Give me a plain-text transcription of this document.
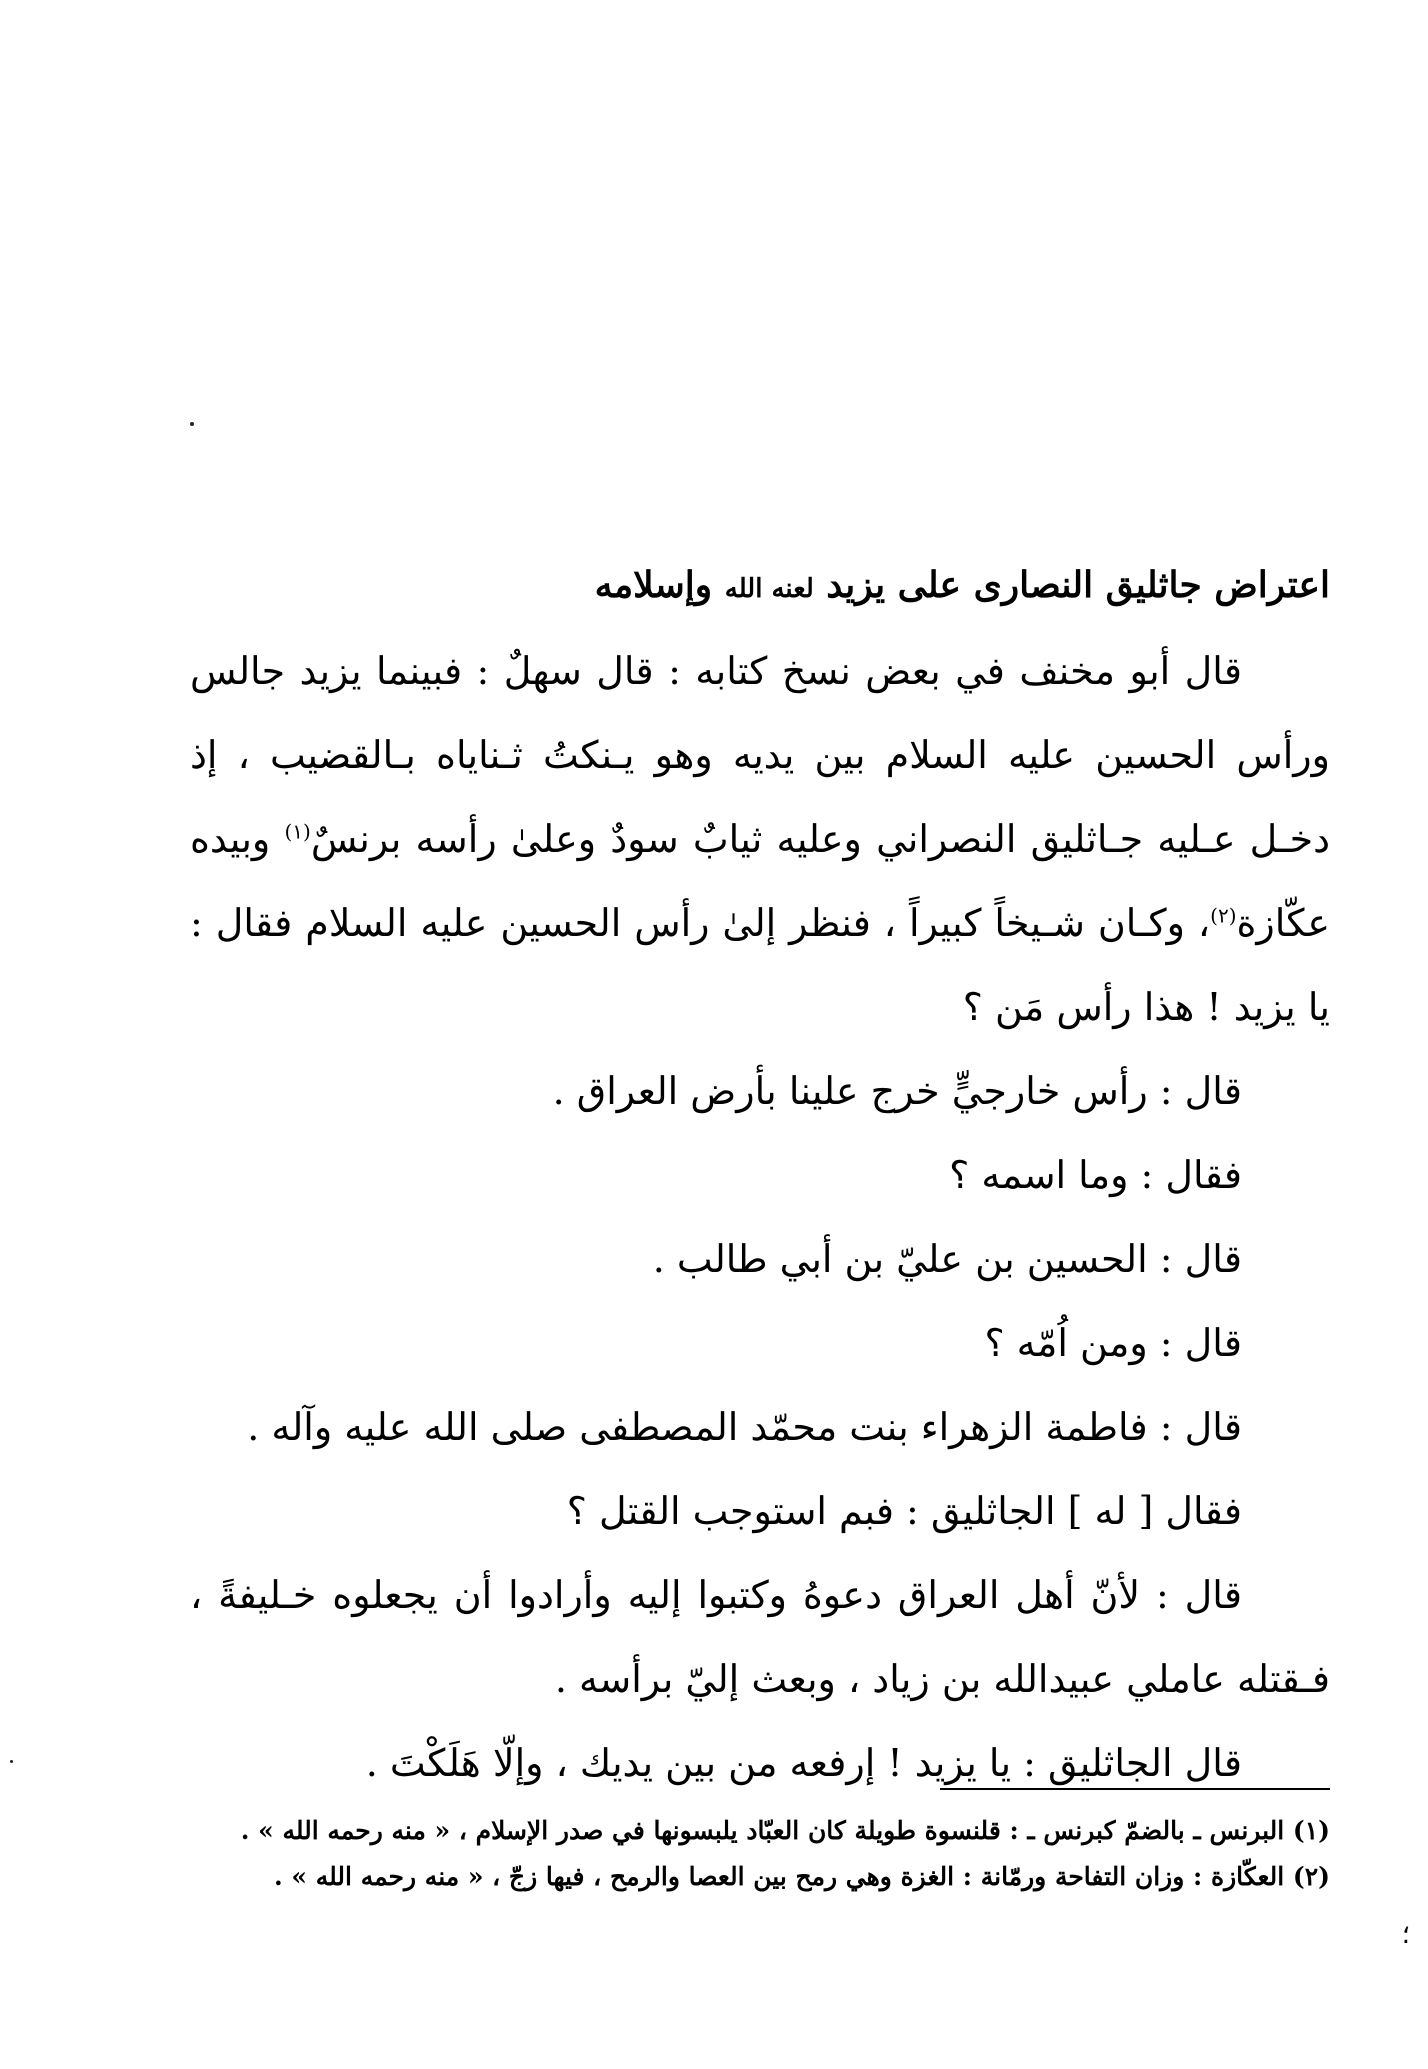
اعتراض جاثليق النصارى على يزيد لعنه الله وإسلامه

قال أبو مخنف في بعض نسخ كتابه : قال سهلٌ : فبينما يزيد جالس ورأس الحسين عليه السلام بين يديه وهو يـنكتُ ثـناياه بـالقضيب ، إذ دخـل عـليه جـاثليق النصراني وعليه ثيابٌ سودٌ وعلىٰ رأسه برنسٌ$^{(١)}$ وبيده عكّازة$^{(٢)}$، وكـان شـيخاً كبيراً ، فنظر إلىٰ رأس الحسين عليه السلام فقال : يا يزيد ! هذا رأس مَن ؟

قال : رأس خارجيٍّ خرج علينا بأرض العراق .

فقال : وما اسمه ؟

قال : الحسين بن عليّ بن أبي طالب .

قال : ومن اُمّه ؟

قال : فاطمة الزهراء بنت محمّد المصطفى صلى الله عليه وآله .

فقال [ له ] الجاثليق : فبم استوجب القتل ؟

قال : لأنّ أهل العراق دعوهُ وكتبوا إليه وأرادوا أن يجعلوه خـليفةً ، فـقتله عاملي عبيدالله بن زياد ، وبعث إليّ برأسه .

قال الجاثليق : يا يزيد ! إرفعه من بين يديك ، وإلّا هَلَكْتَ .

(١) البرنس ـ بالضمّ كبرنس ـ : قلنسوة طويلة كان العبّاد يلبسونها في صدر الإسلام ، « منه رحمه الله » .

(٢) العكّازة : وزان التفاحة ورمّانة : الغزة وهي رمح بين العصا والرمح ، فيها زجّ ، « منه رحمه الله » .

؛
